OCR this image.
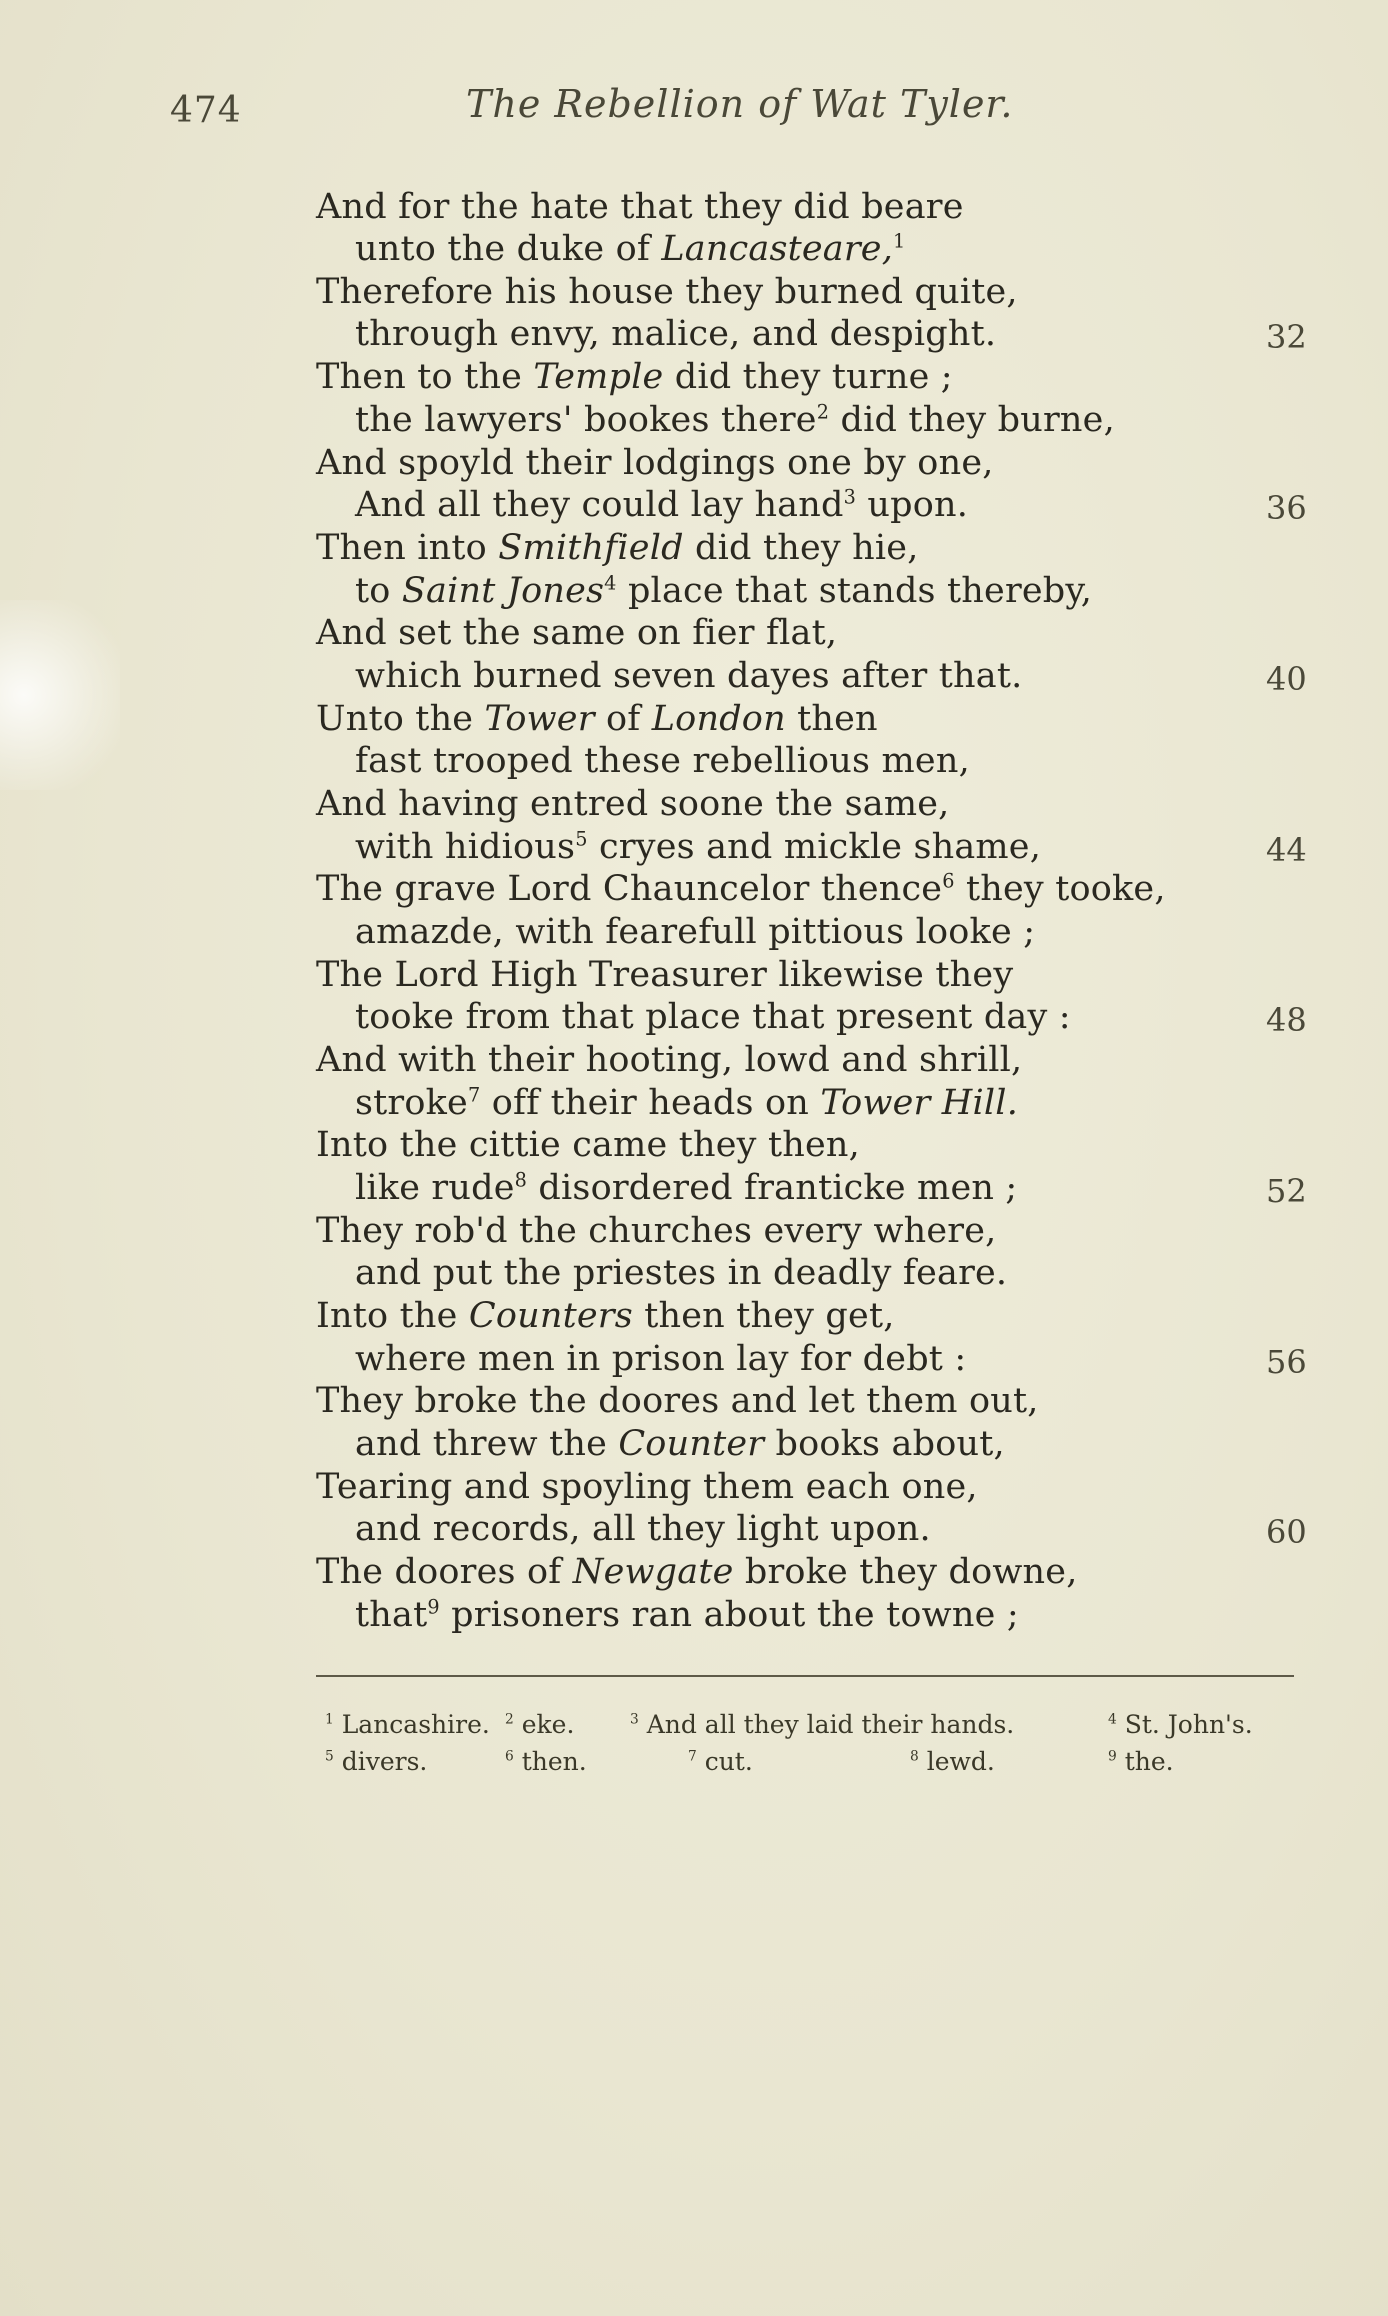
474	The Rebellion of Wat Tyler.
And for the hate that they did beare
unto the duke of Lancasteare,$^1$
Therefore his house they burned quite,
through envy, malice, and despight.	32
Then to the Temple did they turne ;
the lawyers' bookes there$^2$ did they burne,
And spoyld their lodgings one by one,
And all they could lay hand$^3$ upon.	36
Then into Smithfield did they hie,
to Saint Jones$^4$ place that stands thereby,
And set the same on fier flat,
which burned seven dayes after that.	40
Unto the Tower of London then
fast trooped these rebellious men,
And having entred soone the same,
with hidious$^5$ cryes and mickle shame,	44
The grave Lord Chauncelor thence$^6$ they tooke,
amazde, with fearefull pittious looke ;
The Lord High Treasurer likewise they
tooke from that place that present day :	48
And with their hooting, lowd and shrill,
stroke$^7$ off their heads on Tower Hill.
Into the cittie came they then,
like rude$^8$ disordered franticke men ;	52
They rob'd the churches every where,
and put the priestes in deadly feare.
Into the Counters then they get,
where men in prison lay for debt :	56
They broke the doores and let them out,
and threw the Counter books about,
Tearing and spoyling them each one,
and records, all they light upon.	60
The doores of Newgate broke they downe,
that$^9$ prisoners ran about the towne ;
$^1$ Lancashire. $^2$ eke.	$^3$ And all they laid their hands.	$^4$ St. John's.
$^5$ divers.	$^6$ then.	$^7$ cut.	$^8$ lewd.	$^9$ the.
